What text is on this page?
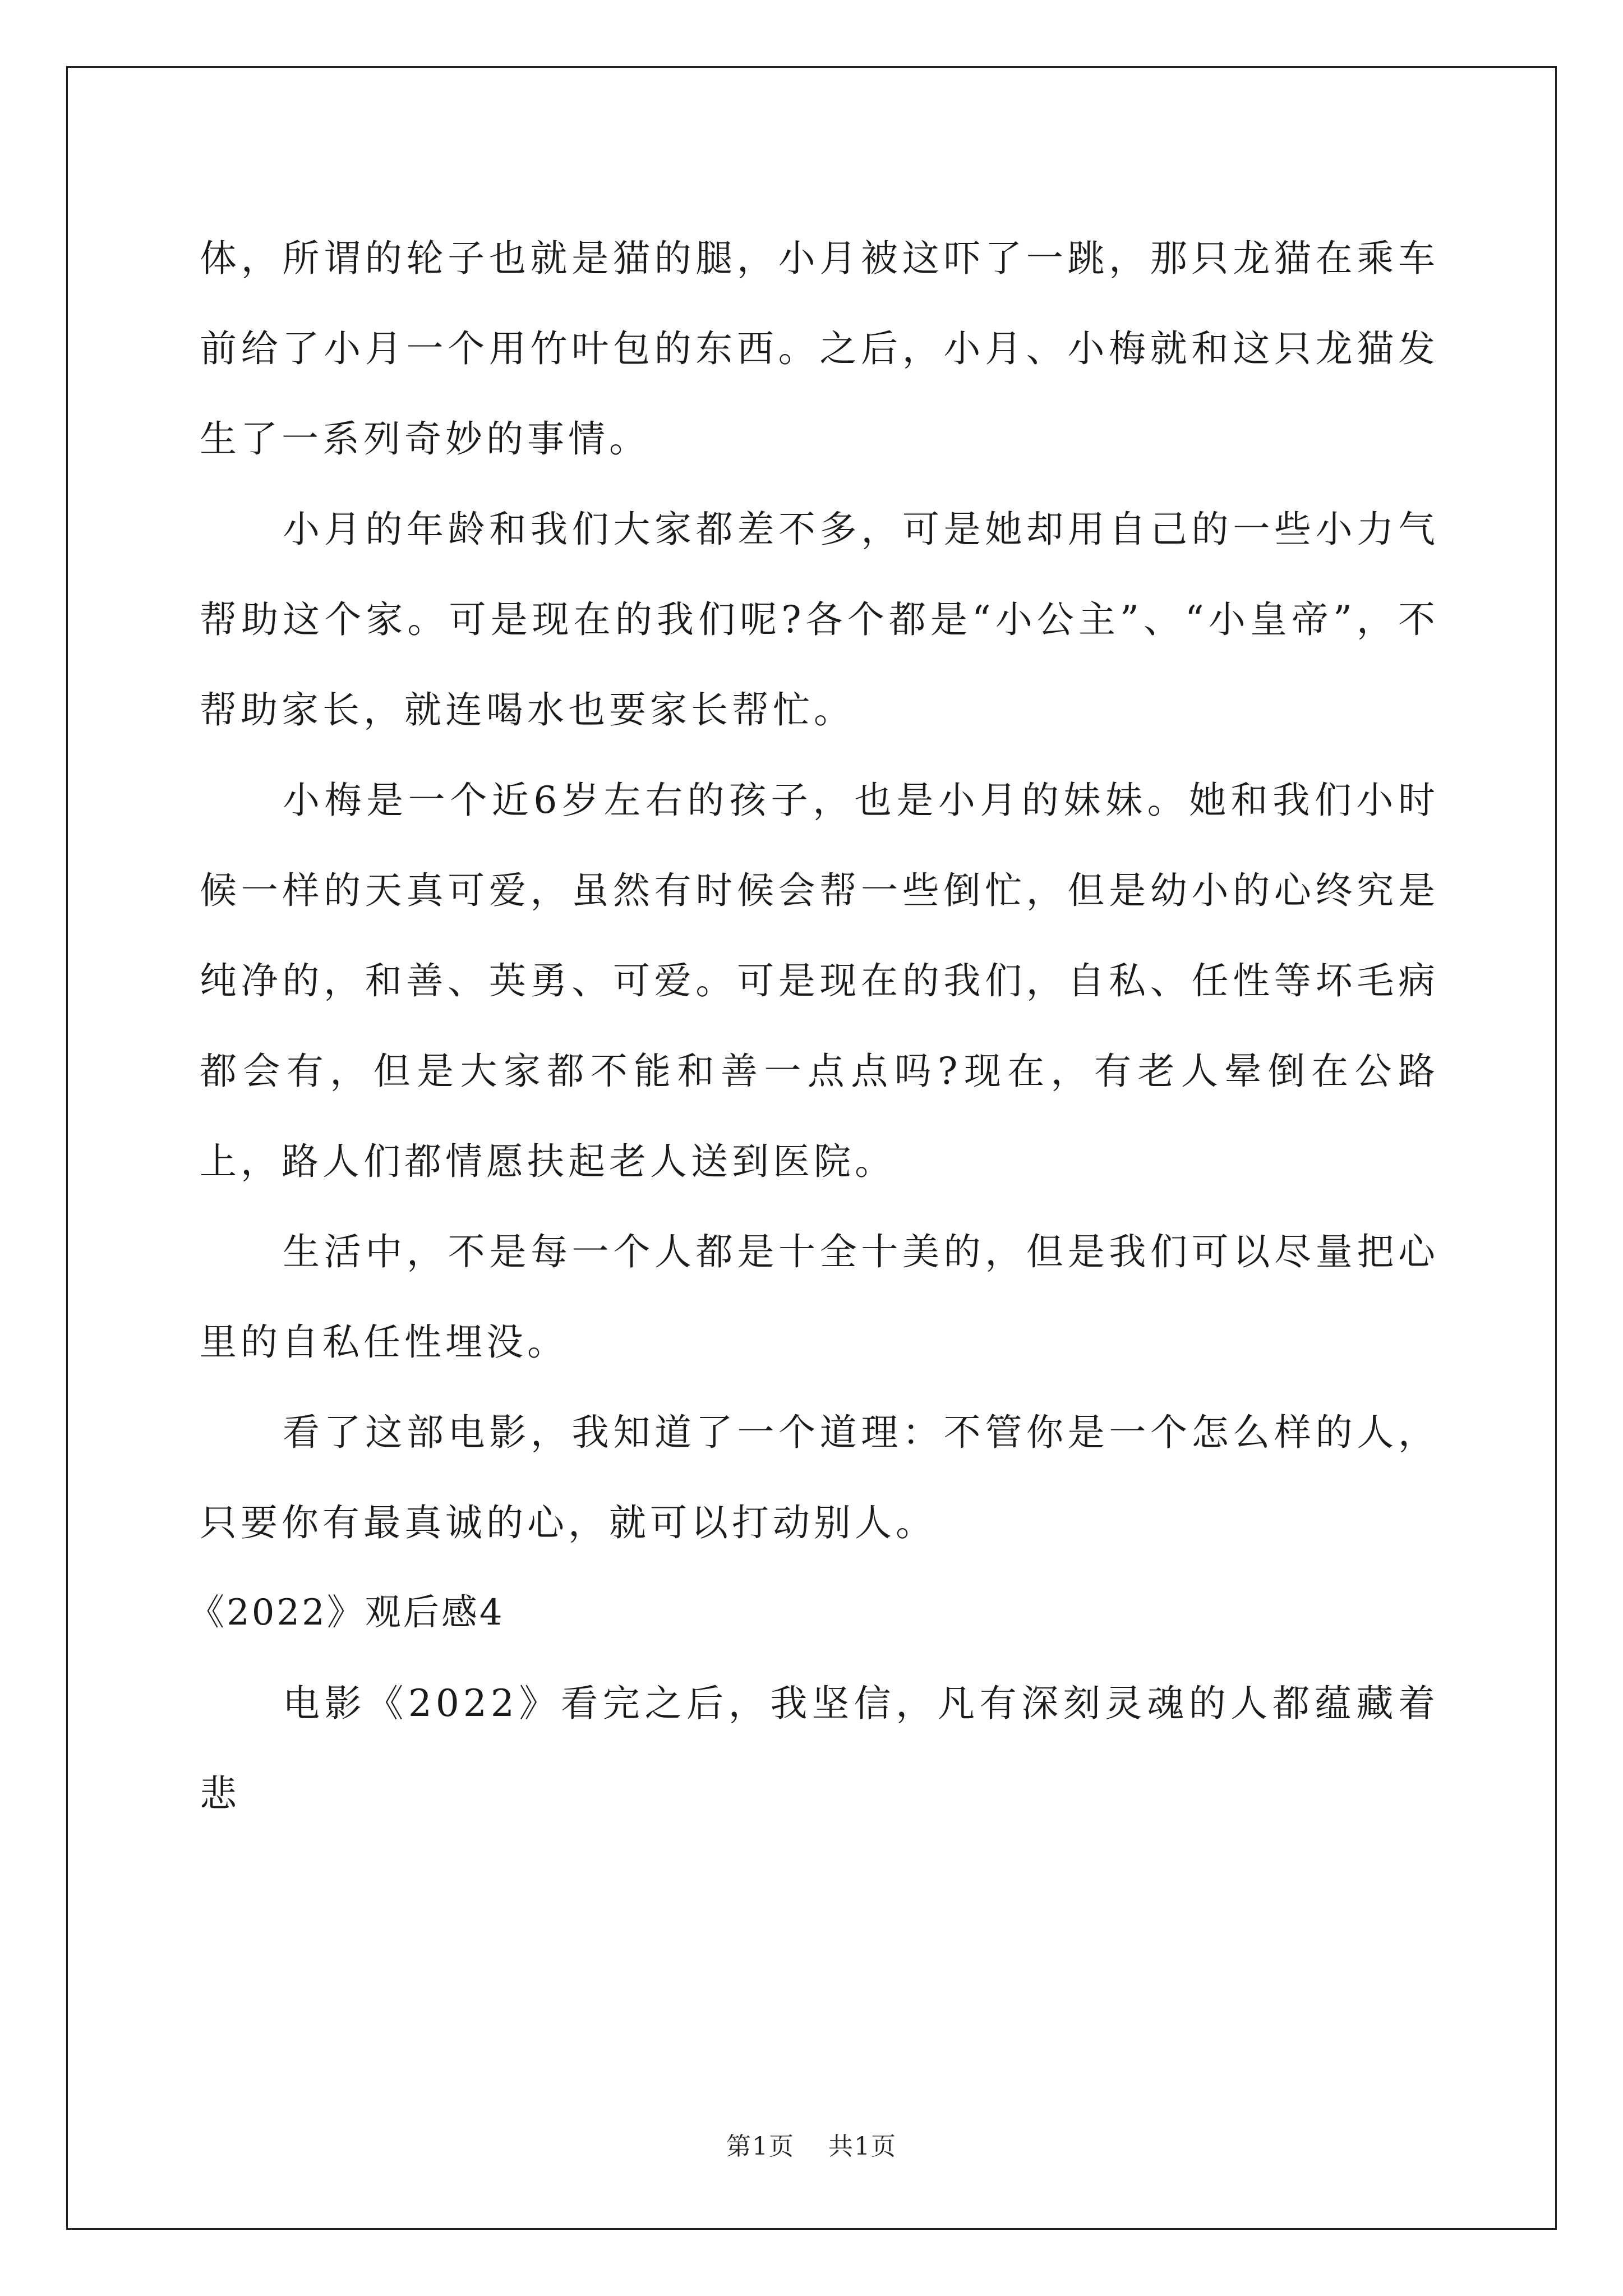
体，所谓的轮子也就是猫的腿，小月被这吓了一跳，那只龙猫在乘车前给了小月一个用竹叶包的东西。之后，小月、小梅就和这只龙猫发生了一系列奇妙的事情。

小月的年龄和我们大家都差不多，可是她却用自己的一些小力气帮助这个家。可是现在的我们呢?各个都是“小公主”、“小皇帝”，不帮助家长，就连喝水也要家长帮忙。

小梅是一个近6岁左右的孩子，也是小月的妹妹。她和我们小时候一样的天真可爱，虽然有时候会帮一些倒忙，但是幼小的心终究是纯净的，和善、英勇、可爱。可是现在的我们，自私、任性等坏毛病都会有，但是大家都不能和善一点点吗?现在，有老人晕倒在公路上，路人们都情愿扶起老人送到医院。

生活中，不是每一个人都是十全十美的，但是我们可以尽量把心里的自私任性埋没。

看了这部电影，我知道了一个道理：不管你是一个怎么样的人，只要你有最真诚的心，就可以打动别人。

《2022》观后感4

电影《2022》看完之后，我坚信，凡有深刻灵魂的人都蕴藏着悲

第1页 共1页
